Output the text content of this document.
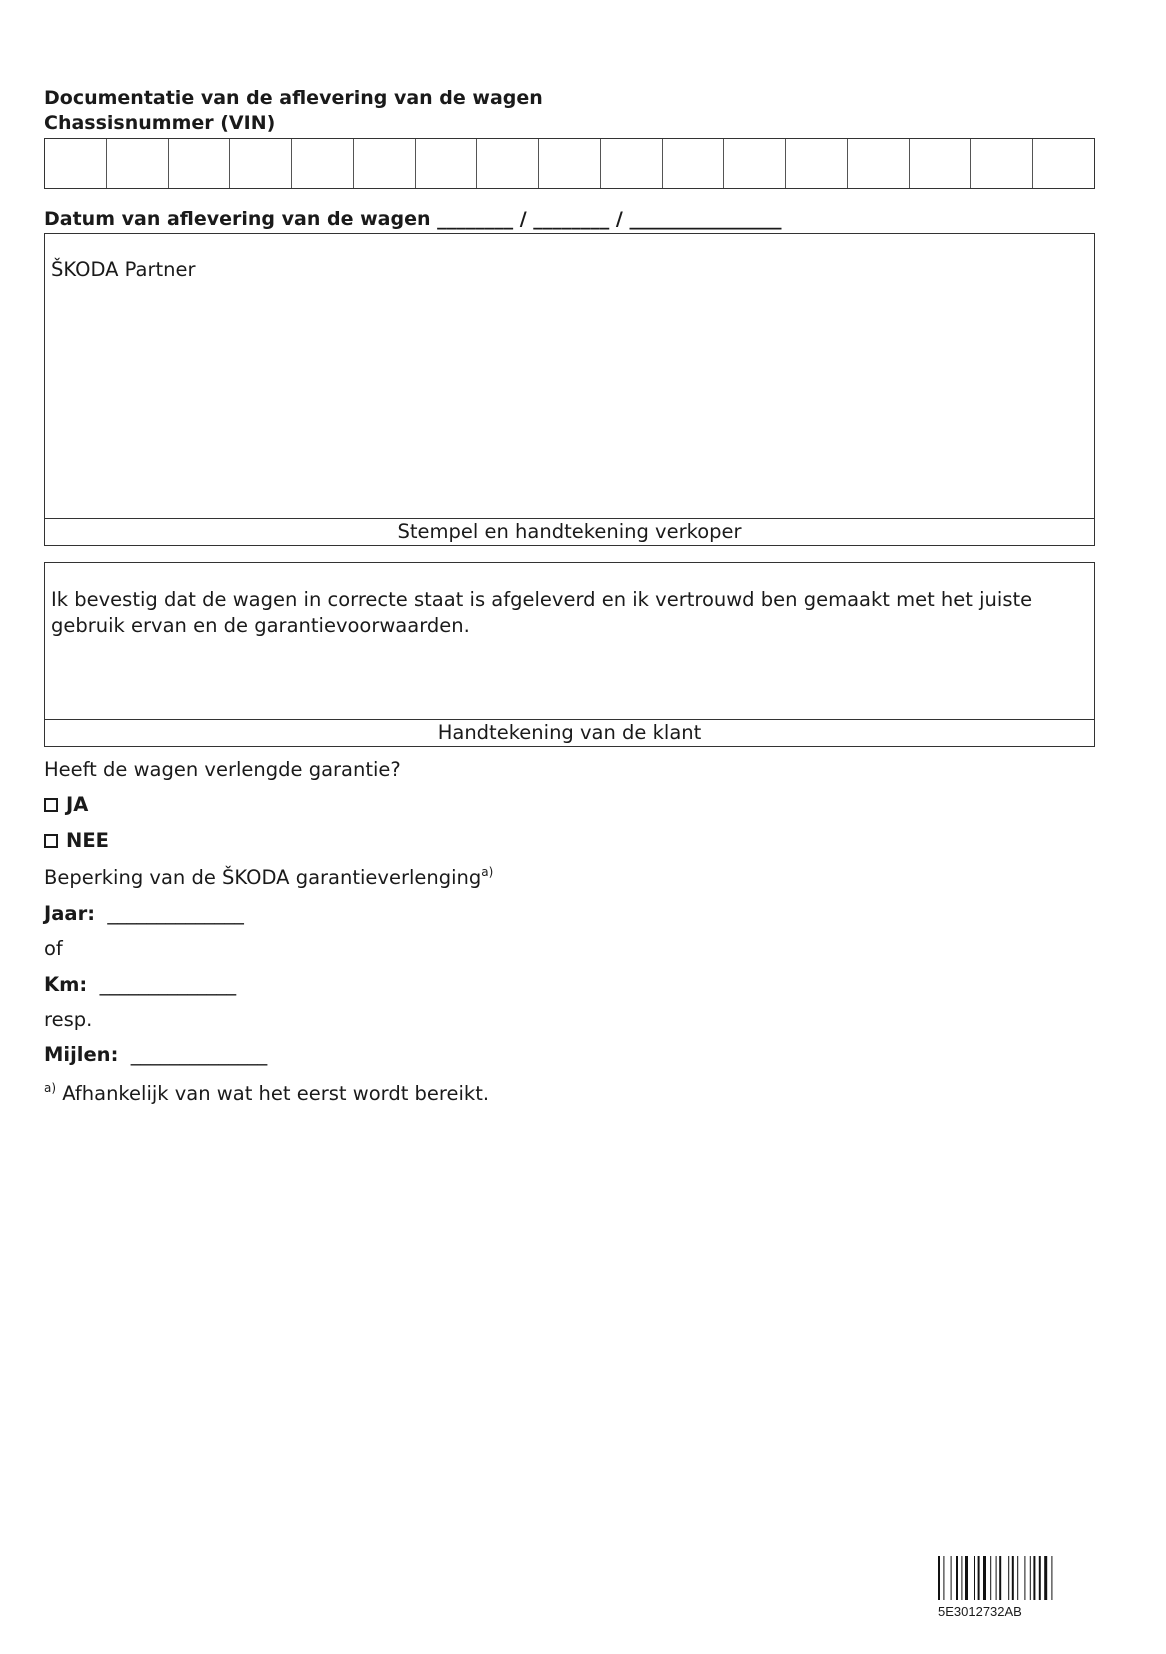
Documentatie van de aflevering van de wagen
Chassisnummer (VIN)
Datum van aflevering van de wagen ________ / ________ / ________________
ŠKODA Partner
Stempel en handtekening verkoper
Ik bevestig dat de wagen in correcte staat is afgeleverd en ik vertrouwd ben gemaakt met het juiste gebruik ervan en de garantievoorwaarden.
Handtekening van de klant
Heeft de wagen verlengde garantie?
JA
NEE
Beperking van de ŠKODA garantieverlenging$^{a)}$
Jaar: ______________
of
Km: ______________
resp.
Mijlen: ______________
$^{a)}$ Afhankelijk van wat het eerst wordt bereikt.
5E3012732AB
